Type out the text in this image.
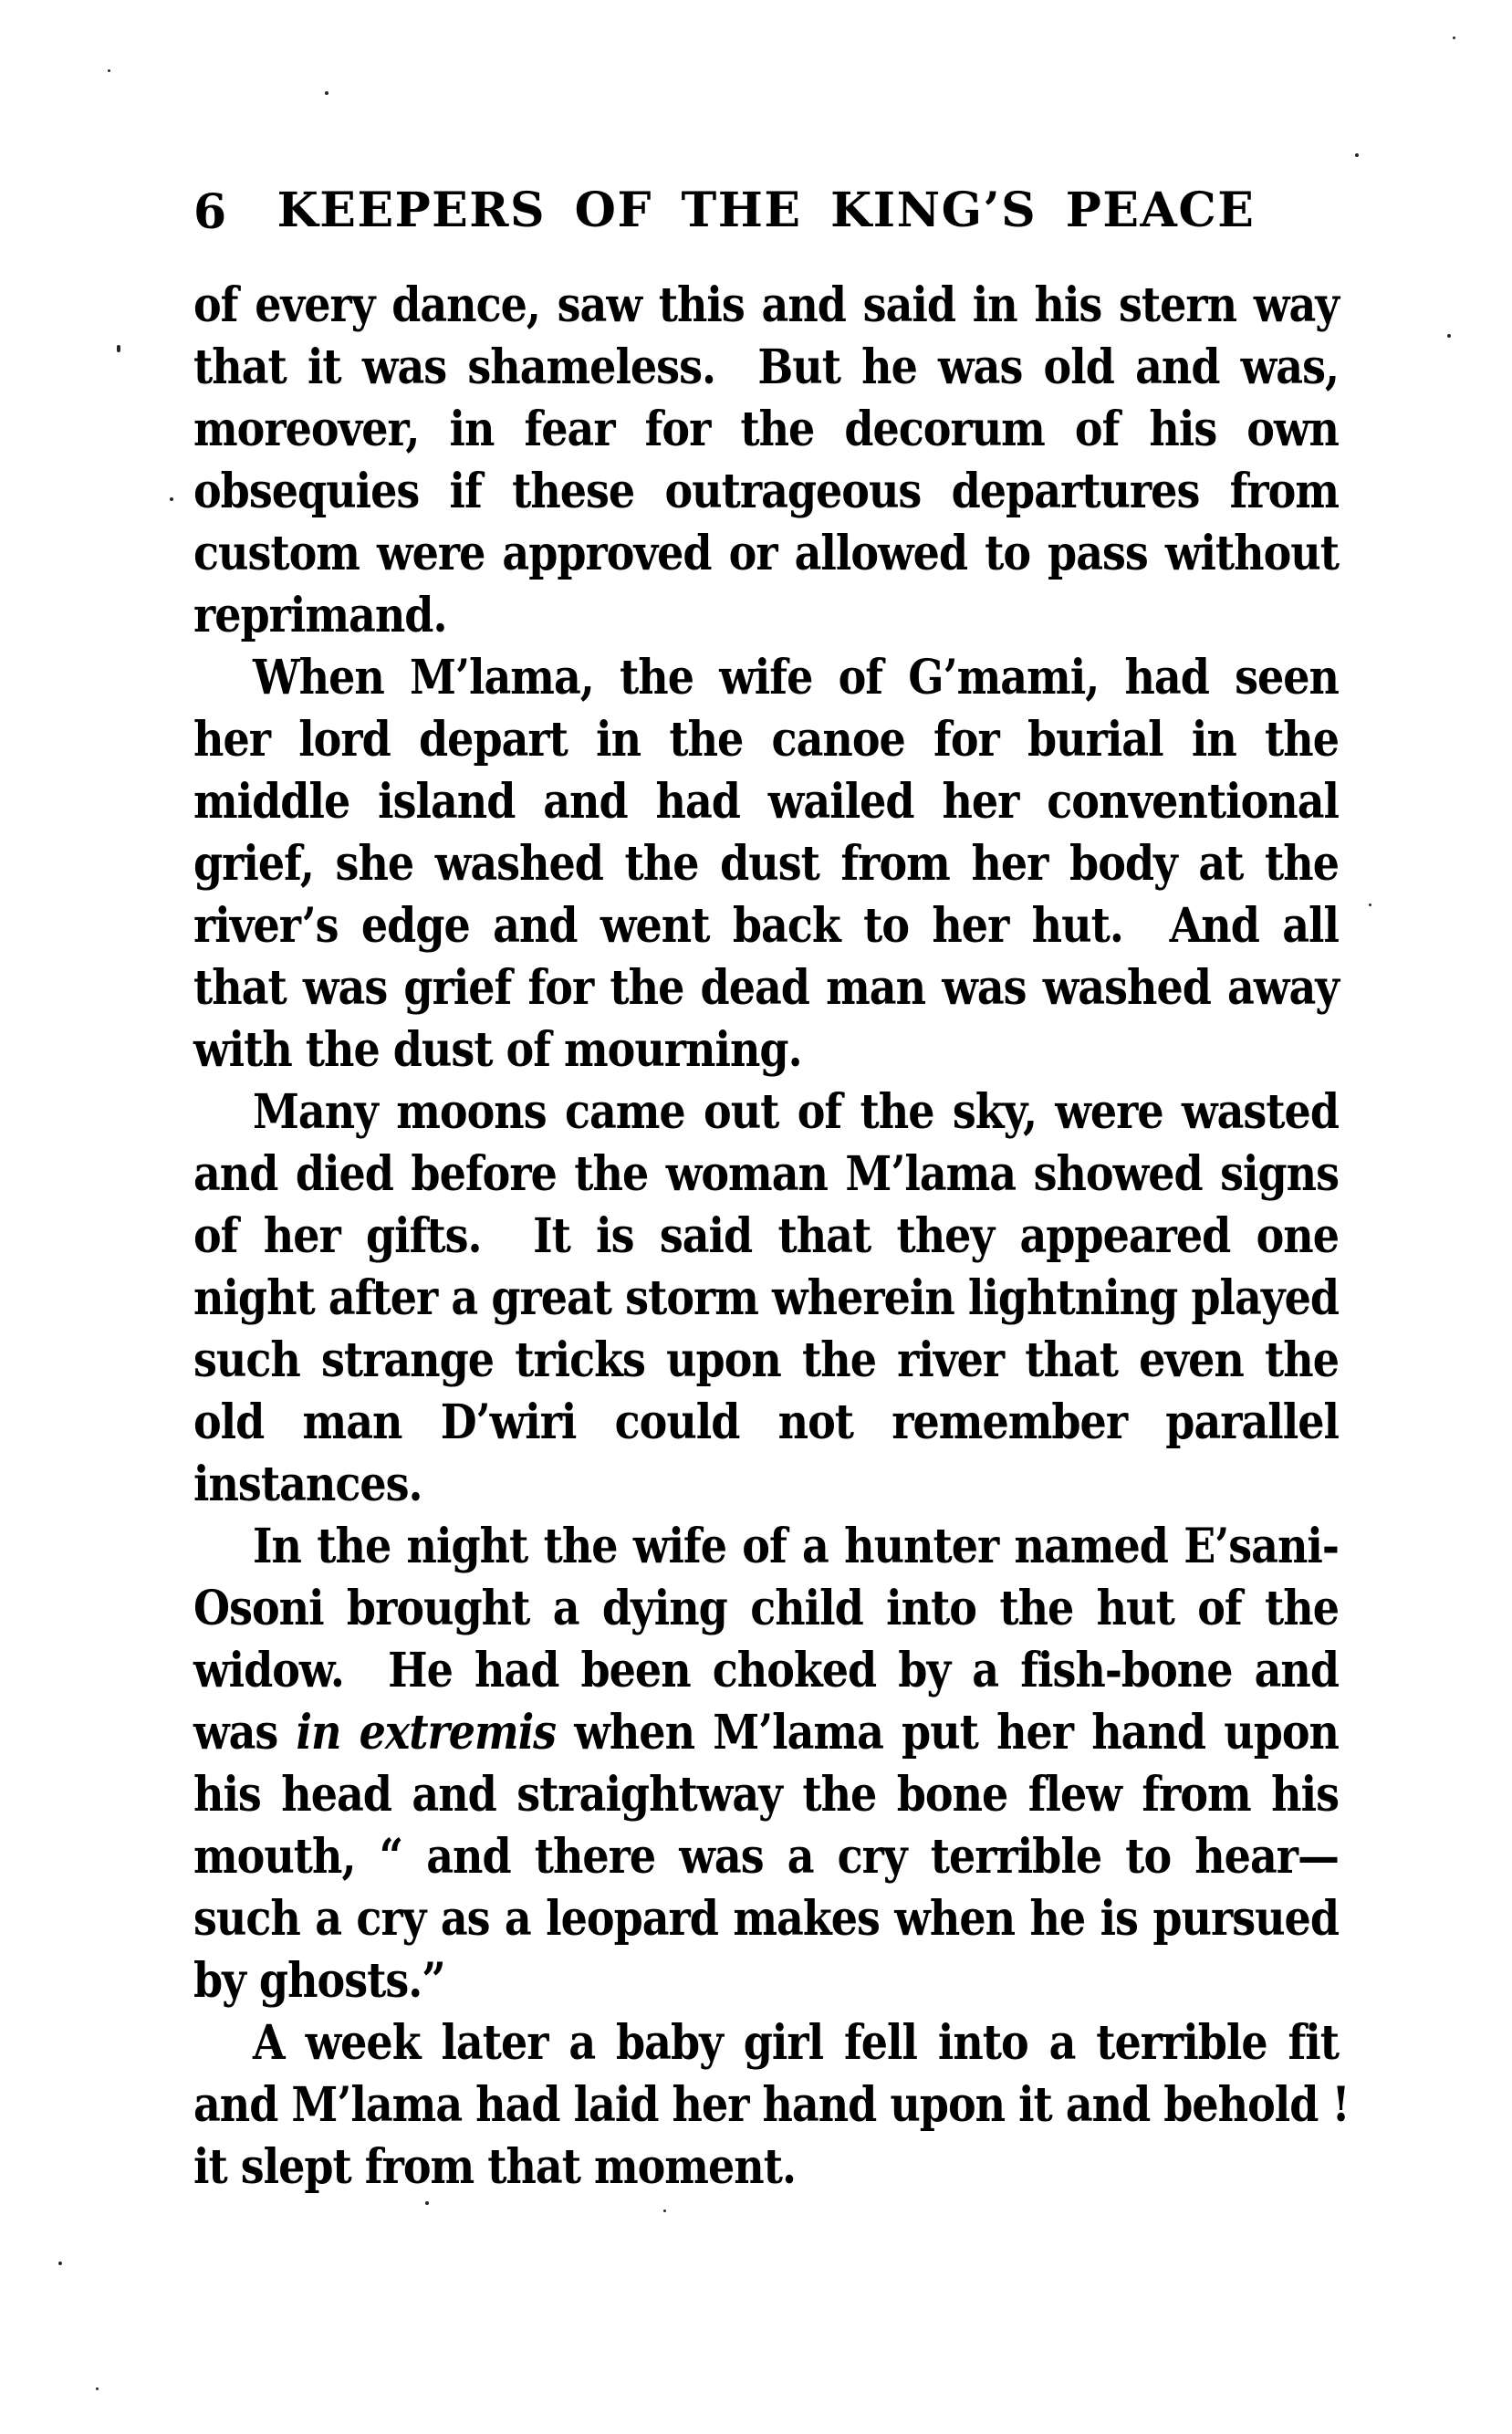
6	KEEPERS OF THE KING’S PEACE
of every dance, saw this and said in his stern way
that it was shameless.  But he was old and was,
moreover, in fear for the decorum of his own
obsequies if these outrageous departures from
custom were approved or allowed to pass without
reprimand.
When M’lama, the wife of G’mami, had seen
her lord depart in the canoe for burial in the
middle island and had wailed her conventional
grief, she washed the dust from her body at the
river’s edge and went back to her hut.  And all
that was grief for the dead man was washed away
with the dust of mourning.
Many moons came out of the sky, were wasted
and died before the woman M’lama showed signs
of her gifts.  It is said that they appeared one
night after a great storm wherein lightning played
such strange tricks upon the river that even the
old man D’wiri could not remember parallel
instances.
In the night the wife of a hunter named E’sani-
Osoni brought a dying child into the hut of the
widow.  He had been choked by a fish-bone and
was in extremis when M’lama put her hand upon
his head and straightway the bone flew from his
mouth, “ and there was a cry terrible to hear—
such a cry as a leopard makes when he is pursued
by ghosts.”
A week later a baby girl fell into a terrible fit
and M’lama had laid her hand upon it and behold !
it slept from that moment.
